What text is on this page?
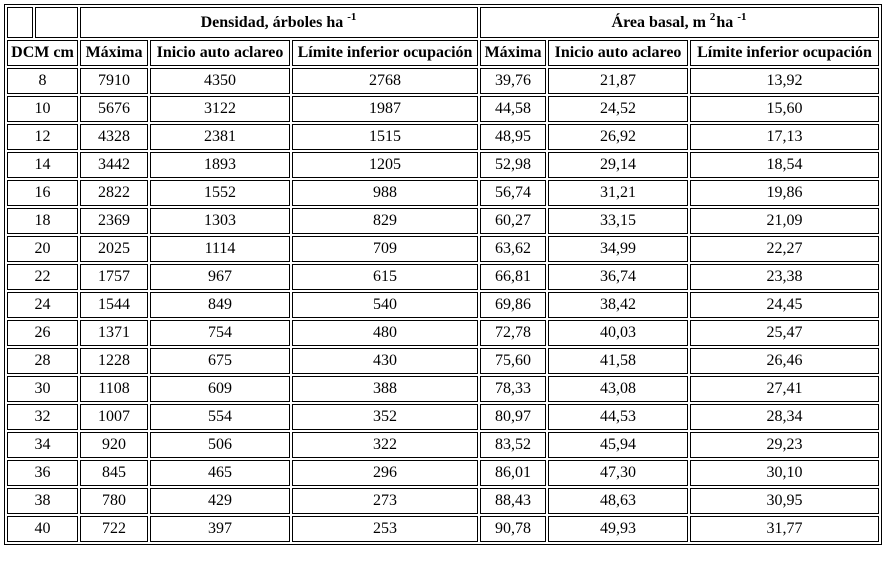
		Densidad, árboles ha $^{-1}$			Área basal, m $^2$ha $^{-1}$
DCM cm		Máxima	Inicio auto aclareo	Límite inferior ocupación	Máxima	Inicio auto aclareo	Límite inferior ocupación
8		7910	4350	2768	39,76	21,87	13,92
10		5676	3122	1987	44,58	24,52	15,60
12		4328	2381	1515	48,95	26,92	17,13
14		3442	1893	1205	52,98	29,14	18,54
16		2822	1552	988	56,74	31,21	19,86
18		2369	1303	829	60,27	33,15	21,09
20		2025	1114	709	63,62	34,99	22,27
22		1757	967	615	66,81	36,74	23,38
24		1544	849	540	69,86	38,42	24,45
26		1371	754	480	72,78	40,03	25,47
28		1228	675	430	75,60	41,58	26,46
30		1108	609	388	78,33	43,08	27,41
32		1007	554	352	80,97	44,53	28,34
34		920	506	322	83,52	45,94	29,23
36		845	465	296	86,01	47,30	30,10
38		780	429	273	88,43	48,63	30,95
40		722	397	253	90,78	49,93	31,77
